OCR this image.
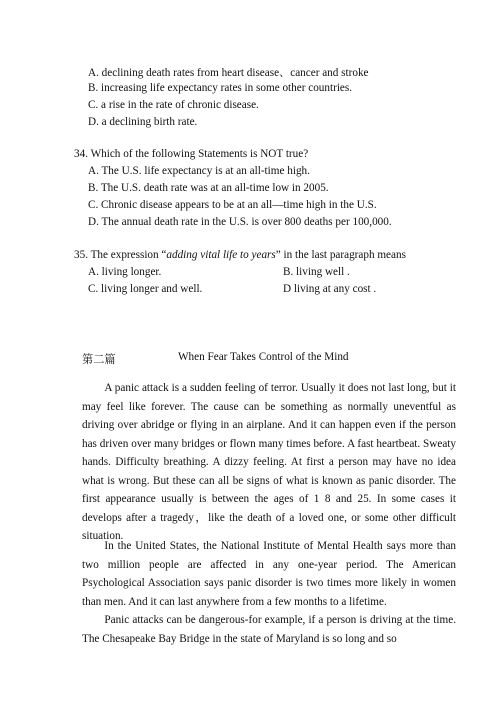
A. declining death rates from heart disease、cancer and stroke
B. increasing life expectancy rates in some other countries.
C. a rise in the rate of chronic disease.
D. a declining birth rate.
34. Which of the following Statements is NOT true?
A. The U.S. life expectancy is at an all-time high.
B. The U.S. death rate was at an all-time low in 2005.
C. Chronic disease appears to be at an all—time high in the U.S.
D. The annual death rate in the U.S. is over 800 deaths per 100,000.
35. The expression “adding vital life to years” in the last paragraph means
A. living longer.	B. living well .
C. living longer and well.	D living at any cost .
第二篇	When Fear Takes Control of the Mind

A panic attack is a sudden feeling of terror. Usually it does not last long, but it may feel like forever. The cause can be something as normally uneventful as driving over abridge or flying in an airplane. And it can happen even if the person has driven over many bridges or flown many times before. A fast heartbeat. Sweaty hands. Difficulty breathing. A dizzy feeling. At first a person may have no idea what is wrong. But these can all be signs of what is known as panic disorder. The first appearance usually is between the ages of 1 8 and 25. In some cases it develops after a tragedy，like the death of a loved one, or some other difficult situation.

In the United States, the National Institute of Mental Health says more than two million people are affected in any one-year period. The American Psychological Association says panic disorder is two times more likely in women than men. And it can last anywhere from a few months to a lifetime.

Panic attacks can be dangerous-for example, if a person is driving at the time. The Chesapeake Bay Bridge in the state of Maryland is so long and so
